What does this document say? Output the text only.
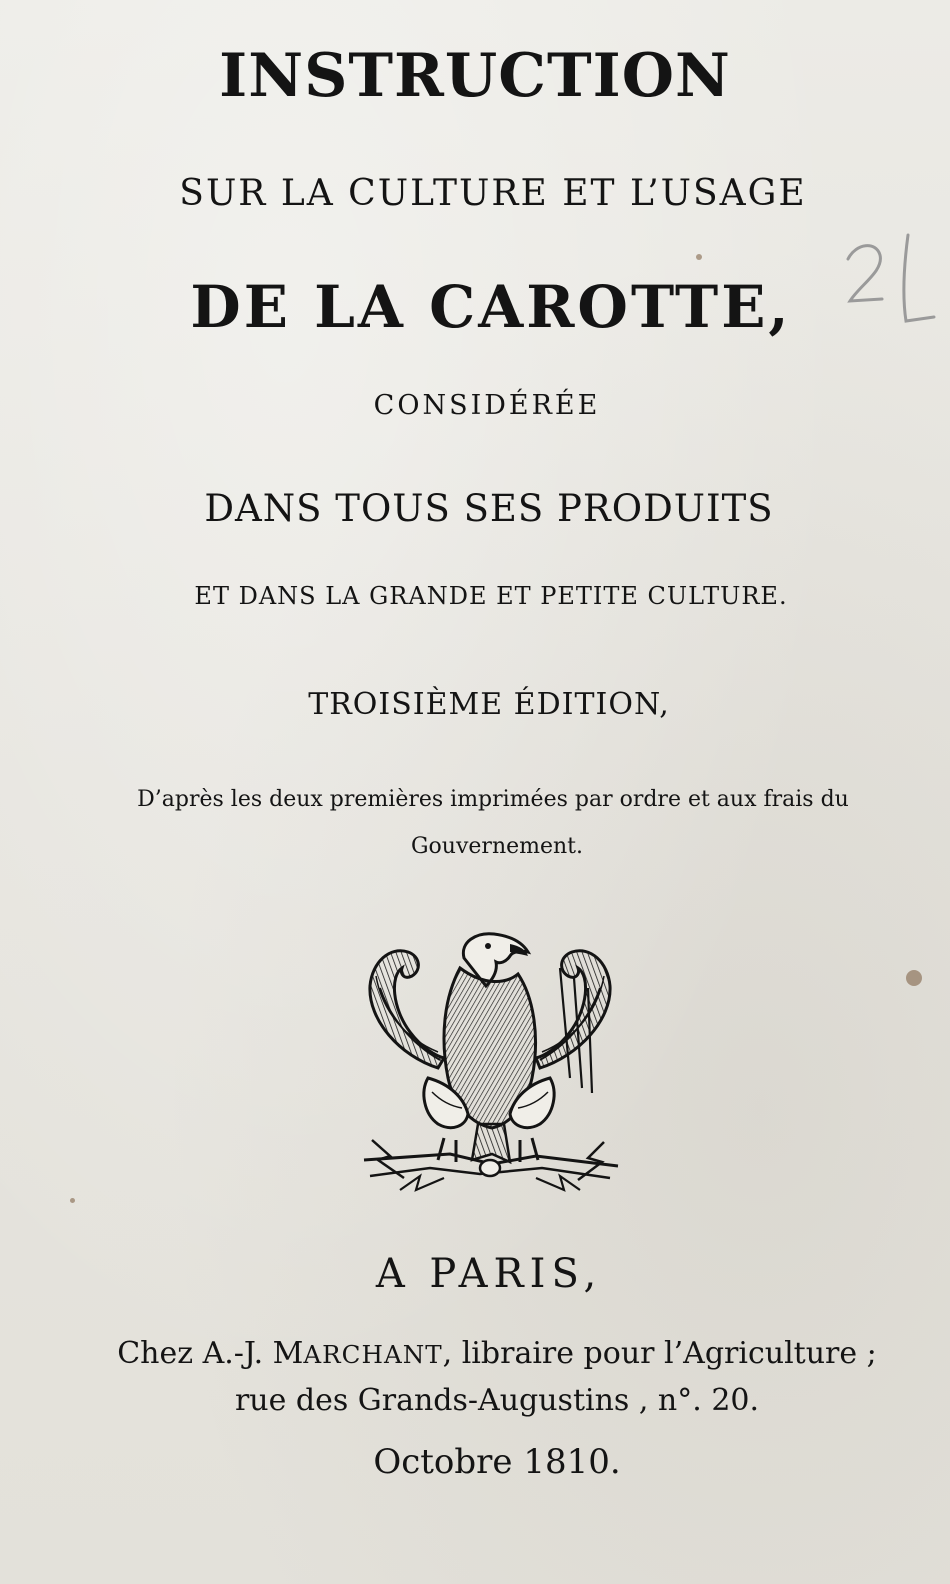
INSTRUCTION
SUR LA CULTURE ET L’USAGE
DE LA CAROTTE,
CONSIDÉRÉE
DANS TOUS SES PRODUITS
ET DANS LA GRANDE ET PETITE CULTURE.
TROISIÈME ÉDITION,
D’après les deux premières imprimées par ordre et aux frais du
Gouvernement.
A PARIS,
Chez A.-J. MARCHANT, libraire pour l’Agriculture ;
rue des Grands-Augustins , n°. 20.
Octobre 1810.
